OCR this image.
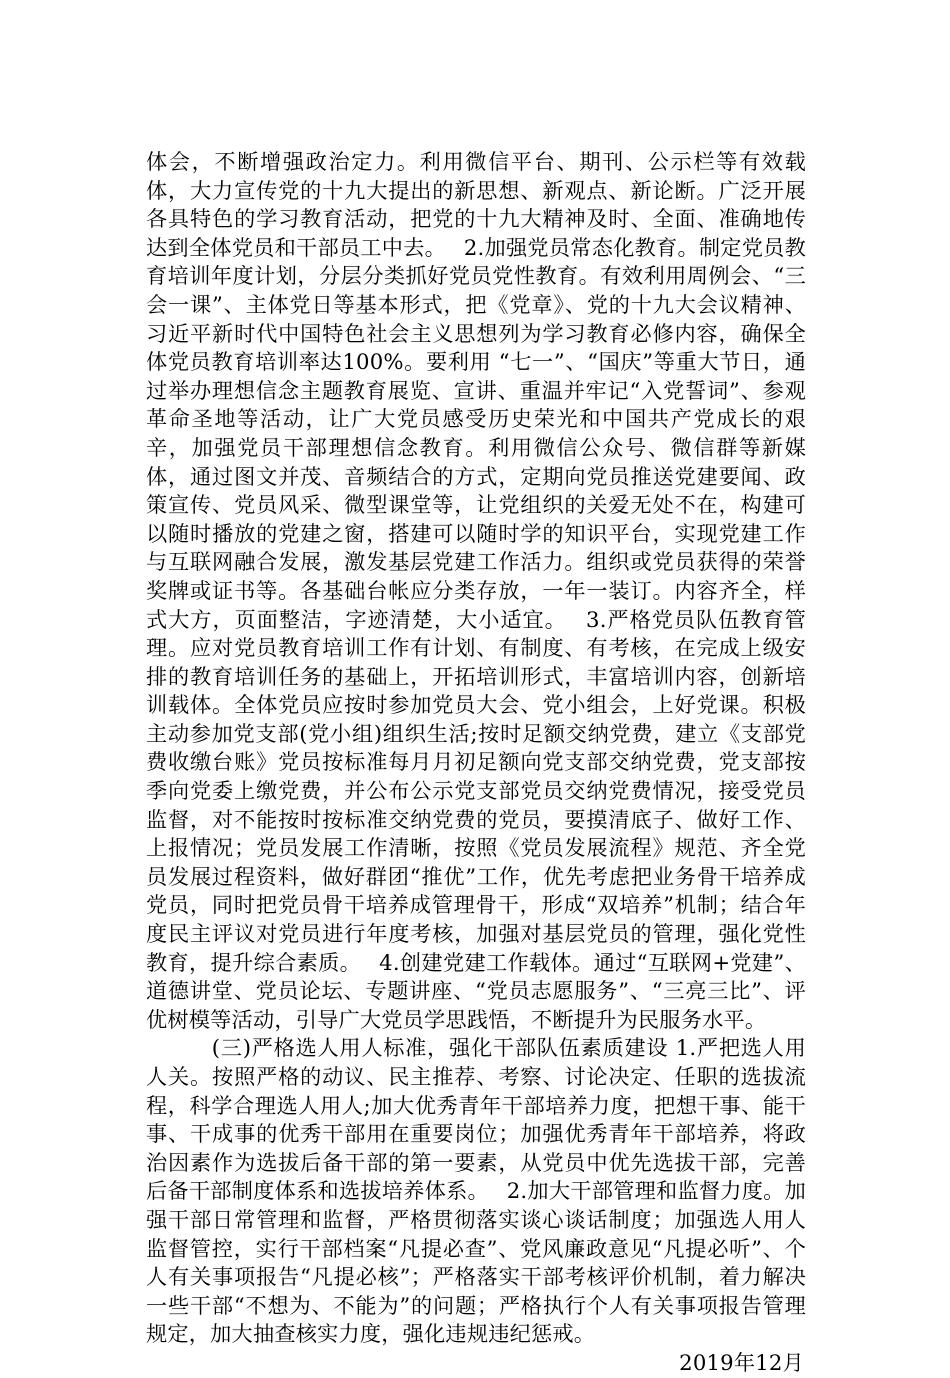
体会，不断增强政治定力。利用微信平台、期刊、公示栏等有效载体，大力宣传党的十九大提出的新思想、新观点、新论断。广泛开展各具特色的学习教育活动，把党的十九大精神及时、全面、准确地传达到全体党员和干部员工中去。　 2.加强党员常态化教育。制定党员教育培训年度计划，分层分类抓好党员党性教育。有效利用周例会、“三会一课”、主体党日等基本形式，把《党章》、党的十九大会议精神、习近平新时代中国特色社会主义思想列为学习教育必修内容，确保全体党员教育培训率达100%。要利用 “七一”、“国庆”等重大节日，通过举办理想信念主题教育展览、宣讲、重温并牢记“入党誓词”、参观革命圣地等活动，让广大党员感受历史荣光和中国共产党成长的艰辛，加强党员干部理想信念教育。利用微信公众号、微信群等新媒体，通过图文并茂、音频结合的方式，定期向党员推送党建要闻、政策宣传、党员风采、微型课堂等，让党组织的关爱无处不在，构建可以随时播放的党建之窗，搭建可以随时学的知识平台，实现党建工作与互联网融合发展，激发基层党建工作活力。组织或党员获得的荣誉奖牌或证书等。各基础台帐应分类存放，一年一装订。内容齐全，样式大方，页面整洁，字迹清楚，大小适宜。　 3.严格党员队伍教育管理。应对党员教育培训工作有计划、有制度、有考核，在完成上级安排的教育培训任务的基础上，开拓培训形式，丰富培训内容，创新培训载体。全体党员应按时参加党员大会、党小组会，上好党课。积极主动参加党支部(党小组)组织生活;按时足额交纳党费，建立《支部党费收缴台账》党员按标准每月月初足额向党支部交纳党费，党支部按季向党委上缴党费，并公布公示党支部党员交纳党费情况，接受党员监督，对不能按时按标准交纳党费的党员，要摸清底子、做好工作、上报情况；党员发展工作清晰，按照《党员发展流程》规范、齐全党员发展过程资料，做好群团“推优”工作，优先考虑把业务骨干培养成党员，同时把党员骨干培养成管理骨干，形成“双培养”机制；结合年度民主评议对党员进行年度考核，加强对基层党员的管理，强化党性教育，提升综合素质。　 4.创建党建工作载体。通过“互联网+党建”、道德讲堂、党员论坛、专题讲座、“党员志愿服务”、“三亮三比”、评优树模等活动，引导广大党员学思践悟，不断提升为民服务水平。

　　　(三)严格选人用人标准，强化干部队伍素质建设 1.严把选人用人关。按照严格的动议、民主推荐、考察、讨论决定、任职的选拔流程，科学合理选人用人;加大优秀青年干部培养力度，把想干事、能干事、干成事的优秀干部用在重要岗位；加强优秀青年干部培养，将政治因素作为选拔后备干部的第一要素，从党员中优先选拔干部，完善后备干部制度体系和选拔培养体系。　 2.加大干部管理和监督力度。加强干部日常管理和监督，严格贯彻落实谈心谈话制度；加强选人用人监督管控，实行干部档案“凡提必查”、党风廉政意见“凡提必听”、个人有关事项报告“凡提必核”；严格落实干部考核评价机制，着力解决一些干部“不想为、不能为”的问题；严格执行个人有关事项报告管理规定，加大抽查核实力度，强化违规违纪惩戒。

2019年12月
